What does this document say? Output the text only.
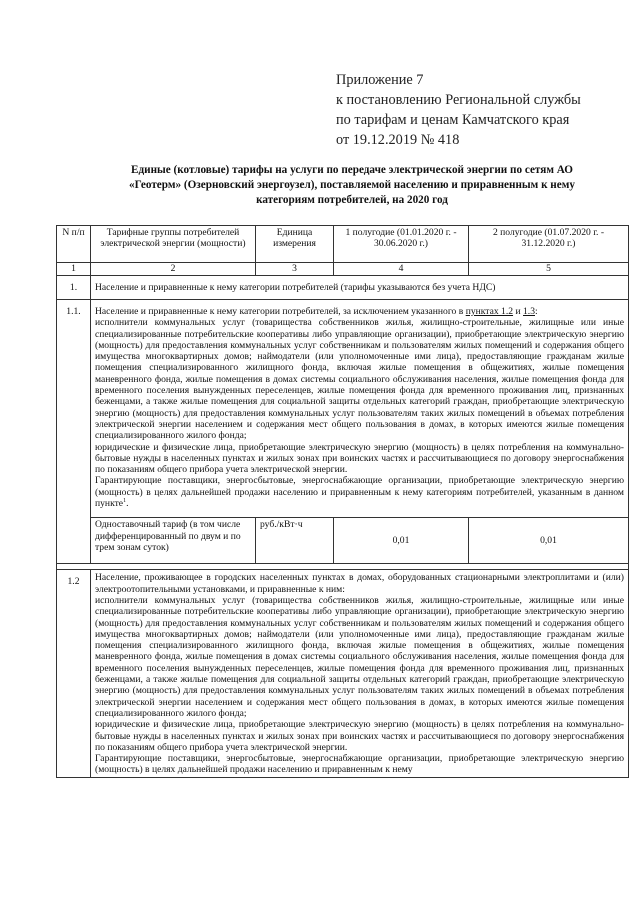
Приложение 7
к постановлению Региональной службы
по тарифам и ценам Камчатского края
от 19.12.2019 № 418
Единые (котловые) тарифы на услуги по передаче электрической энергии по сетям АО
«Геотерм» (Озерновский энергоузел), поставляемой населению и приравненным к нему
категориям потребителей, на 2020 год
N п/п	Тарифные группы потребителей электрической энергии (мощности)	Единица измерения	1 полугодие (01.01.2020 г. - 30.06.2020 г.)	2 полугодие (01.07.2020 г. - 31.12.2020 г.)
1	2	3	4	5
1.	Население и приравненные к нему категории потребителей (тарифы указываются без учета НДС)			
1.1.	Население и приравненные к нему категории потребителей, за исключением указанного в пунктах 1.2 и 1.3:

исполнители коммунальных услуг (товарищества собственников жилья, жилищно-строительные, жилищные или иные специализированные потребительские кооперативы либо управляющие организации), приобретающие электрическую энергию (мощность) для предоставления коммунальных услуг собственникам и пользователям жилых помещений и содержания общего имущества многоквартирных домов; наймодатели (или уполномоченные ими лица), предоставляющие гражданам жилые помещения специализированного жилищного фонда, включая жилые помещения в общежитиях, жилые помещения маневренного фонда, жилые помещения в домах системы социального обслуживания населения, жилые помещения фонда для временного поселения вынужденных переселенцев, жилые помещения фонда для временного проживания лиц, признанных беженцами, а также жилые помещения для социальной защиты отдельных категорий граждан, приобретающие электрическую энергию (мощность) для предоставления коммунальных услуг пользователям таких жилых помещений в объемах потребления электрической энергии населением и содержания мест общего пользования в домах, в которых имеются жилые помещения специализированного жилого фонда;

юридические и физические лица, приобретающие электрическую энергию (мощность) в целях потребления на коммунально-бытовые нужды в населенных пунктах и жилых зонах при воинских частях и рассчитывающиеся по договору энергоснабжения по показаниям общего прибора учета электрической энергии.

Гарантирующие поставщики, энергосбытовые, энергоснабжающие организации, приобретающие электрическую энергию (мощность) в целях дальнейшей продажи населению и приравненным к нему категориям потребителей, указанным в данном пункте$^1$.			

	Одноставочный тариф (в том числе дифференцированный по двум и по трем зонам суток)	руб./кВт·ч	0,01	0,01

1.2	Население, проживающее в городских населенных пунктах в домах, оборудованных стационарными электроплитами и (или) электроотопительными установками, и приравненные к ним:

исполнители коммунальных услуг (товарищества собственников жилья, жилищно-строительные, жилищные или иные специализированные потребительские кооперативы либо управляющие организации), приобретающие электрическую энергию (мощность) для предоставления коммунальных услуг собственникам и пользователям жилых помещений и содержания общего имущества многоквартирных домов; наймодатели (или уполномоченные ими лица), предоставляющие гражданам жилые помещения специализированного жилищного фонда, включая жилые помещения в общежитиях, жилые помещения маневренного фонда, жилые помещения в домах системы социального обслуживания населения, жилые помещения фонда для временного поселения вынужденных переселенцев, жилые помещения фонда для временного проживания лиц, признанных беженцами, а также жилые помещения для социальной защиты отдельных категорий граждан, приобретающие электрическую энергию (мощность) для предоставления коммунальных услуг пользователям таких жилых помещений в объемах потребления электрической энергии населением и содержания мест общего пользования в домах, в которых имеются жилые помещения специализированного жилого фонда;

юридические и физические лица, приобретающие электрическую энергию (мощность) в целях потребления на коммунально-бытовые нужды в населенных пунктах и жилых зонах при воинских частях и рассчитывающиеся по договору энергоснабжения по показаниям общего прибора учета электрической энергии.

Гарантирующие поставщики, энергосбытовые, энергоснабжающие организации, приобретающие электрическую энергию (мощность) в целях дальнейшей продажи населению и приравненным к нему			
